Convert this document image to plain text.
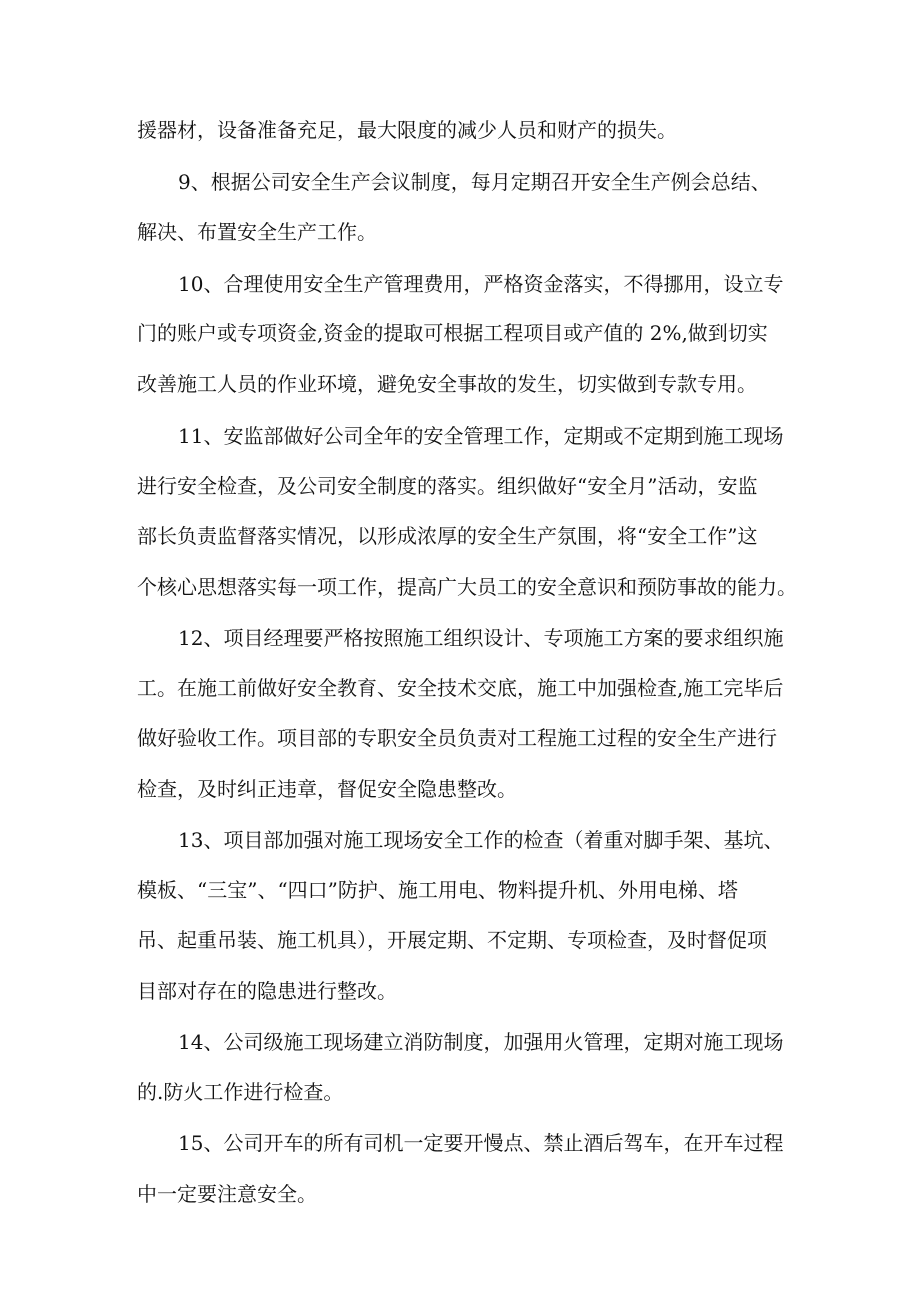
援器材，设备准备充足，最大限度的减少人员和财产的损失。
9、根据公司安全生产会议制度，每月定期召开安全生产例会总结、
解决、布置安全生产工作。
10、合理使用安全生产管理费用，严格资金落实，不得挪用，设立专
门的账户或专项资金,资金的提取可根据工程项目或产值的 2%,做到切实
改善施工人员的作业环境，避免安全事故的发生，切实做到专款专用。
11、安监部做好公司全年的安全管理工作，定期或不定期到施工现场
进行安全检查，及公司安全制度的落实。组织做好“安全月”活动，安监
部长负责监督落实情况，以形成浓厚的安全生产氛围，将“安全工作”这
个核心思想落实每一项工作，提高广大员工的安全意识和预防事故的能力。
12、项目经理要严格按照施工组织设计、专项施工方案的要求组织施
工。在施工前做好安全教育、安全技术交底，施工中加强检查,施工完毕后
做好验收工作。项目部的专职安全员负责对工程施工过程的安全生产进行
检查，及时纠正违章，督促安全隐患整改。
13、项目部加强对施工现场安全工作的检查（着重对脚手架、基坑、
模板、“三宝”、“四口”防护、施工用电、物料提升机、外用电梯、塔
吊、起重吊装、施工机具），开展定期、不定期、专项检查，及时督促项
目部对存在的隐患进行整改。
14、公司级施工现场建立消防制度，加强用火管理，定期对施工现场
的.防火工作进行检查。
15、公司开车的所有司机一定要开慢点、禁止酒后驾车，在开车过程
中一定要注意安全。
